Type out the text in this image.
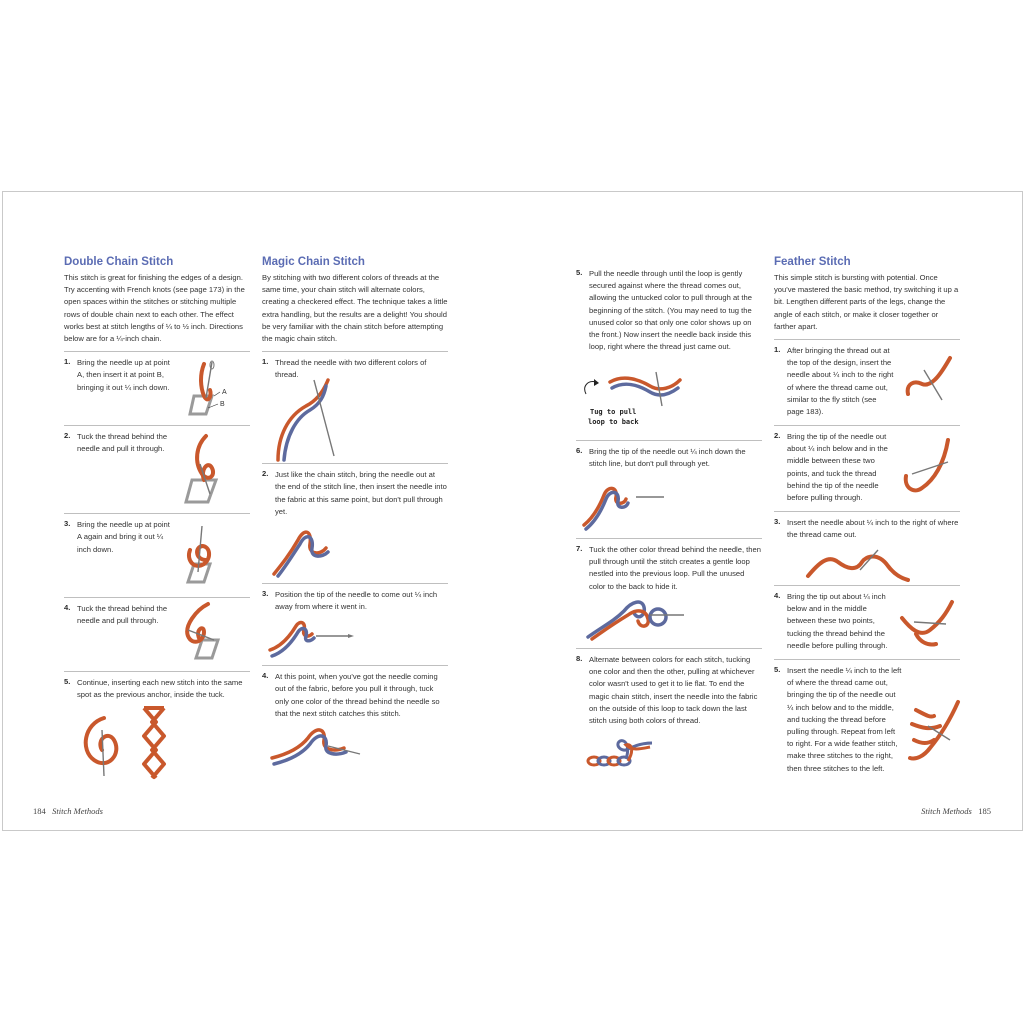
Double Chain Stitch
This stitch is great for finishing the edges of a design. Try accenting with French knots (see page 173) in the open spaces within the stitches or stitching multiple rows of double chain next to each other. The effect works best at stitch lengths of ¼ to ½ inch. Directions below are for a ¼-inch chain.
1. Bring the needle up at point A, then insert it at point B, bringing it out ¼ inch down.
A
B
2. Tuck the thread behind the needle and pull it through.
3. Bring the needle up at point A again and bring it out ¼ inch down.
4. Tuck the thread behind the needle and pull through.
5. Continue, inserting each new stitch into the same spot as the previous anchor, inside the tuck.
Magic Chain Stitch
By stitching with two different colors of threads at the same time, your chain stitch will alternate colors, creating a checkered effect. The technique takes a little extra handling, but the results are a delight! You should be very familiar with the chain stitch before attempting the magic chain stitch.
1. Thread the needle with two different colors of thread.
2. Just like the chain stitch, bring the needle out at the end of the stitch line, then insert the needle into the fabric at this same point, but don't pull through yet.
3. Position the tip of the needle to come out ¼ inch away from where it went in.
4. At this point, when you've got the needle coming out of the fabric, before you pull it through, tuck only one color of the thread behind the needle so that the next stitch catches this stitch.
5. Pull the needle through until the loop is gently secured against where the thread comes out, allowing the untucked color to pull through at the beginning of the stitch. (You may need to tug the unused color so that only one color shows up on the front.) Now insert the needle back inside this loop, right where the thread just came out.
Tug to pull
loop to back
6. Bring the tip of the needle out ¼ inch down the stitch line, but don't pull through yet.
7. Tuck the other color thread behind the needle, then pull through until the stitch creates a gentle loop nestled into the previous loop. Pull the unused color to the back to hide it.
8. Alternate between colors for each stitch, tucking one color and then the other, pulling at whichever color wasn't used to get it to lie flat. To end the magic chain stitch, insert the needle into the fabric on the outside of this loop to tack down the last stitch using both colors of thread.
Feather Stitch
This simple stitch is bursting with potential. Once you've mastered the basic method, try switching it up a bit. Lengthen different parts of the legs, change the angle of each stitch, or make it closer together or farther apart.
1. After bringing the thread out at the top of the design, insert the needle about ¼ inch to the right of where the thread came out, similar to the fly stitch (see page 183).
2. Bring the tip of the needle out about ¼ inch below and in the middle between these two points, and tuck the thread behind the tip of the needle before pulling through.
3. Insert the needle about ¼ inch to the right of where the thread came out.
4. Bring the tip out about ¼ inch below and in the middle between these two points, tucking the thread behind the needle before pulling through.
5. Insert the needle ¼ inch to the left of where the thread came out, bringing the tip of the needle out ¼ inch below and to the middle, and tucking the thread before pulling through. Repeat from left to right. For a wide feather stitch, make three stitches to the right, then three stitches to the left.
184 Stitch Methods	Stitch Methods 185
